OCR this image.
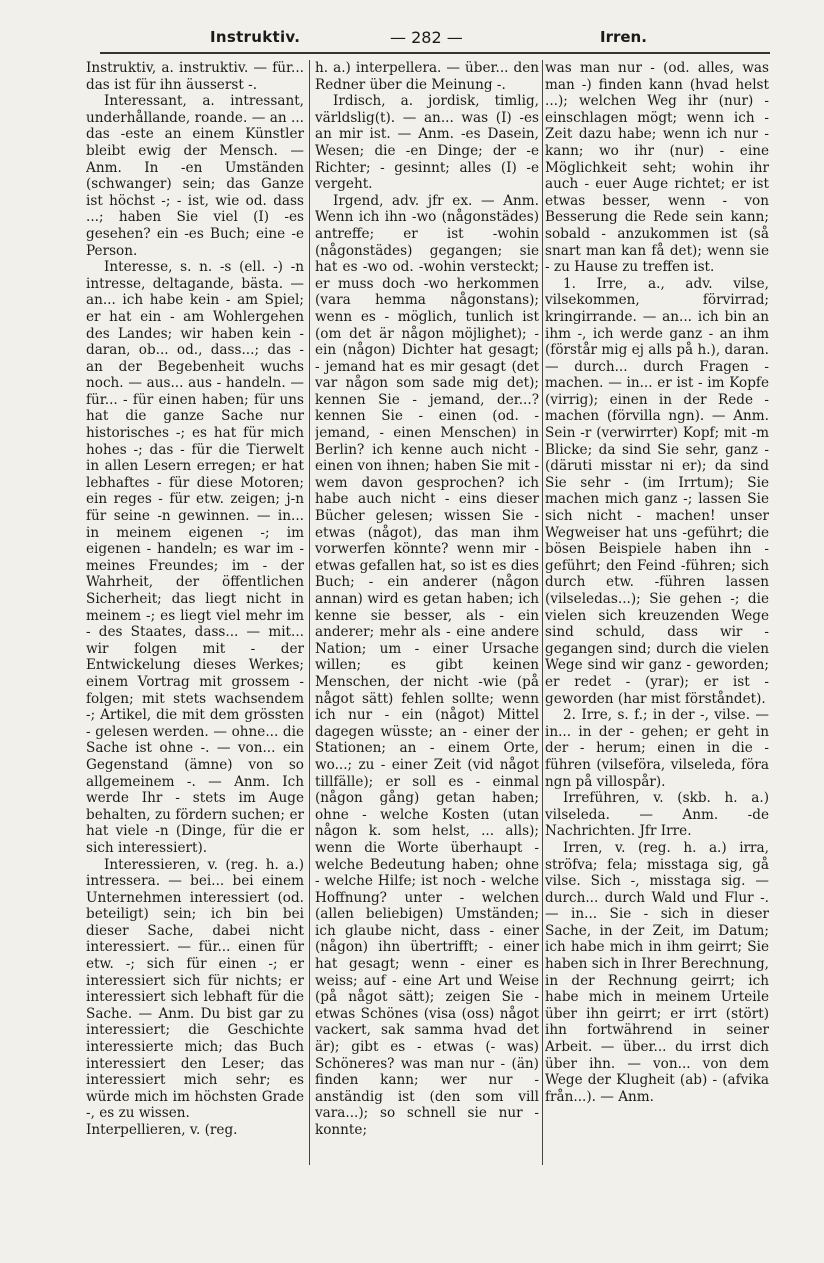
Instruktiv.	— 282 —	Irren.

Instruktiv, a. instruktiv. — für... das ist für ihn äusserst -.

Interessant, a. intressant, underhållande, roande. — an ... das -este an einem Künstler bleibt ewig der Mensch. — Anm. In -en Umständen (schwanger) sein; das Ganze ist höchst -; - ist, wie od. dass ...; haben Sie viel (I) -es gesehen? ein -es Buch; eine -e Person.

Interesse, s. n. -s (ell. -) -n intresse, deltagande, bästa. — an... ich habe kein - am Spiel; er hat ein - am Wohlergehen des Landes; wir haben kein - daran, ob... od., dass...; das - an der Begebenheit wuchs noch. — aus... aus - handeln. — für... - für einen haben; für uns hat die ganze Sache nur historisches -; es hat für mich hohes -; das - für die Tierwelt in allen Lesern erregen; er hat lebhaftes - für diese Motoren; ein reges - für etw. zeigen; j-n für seine -n gewinnen. — in... in meinem eigenen -; im eigenen - handeln; es war im - meines Freundes; im - der Wahrheit, der öffentlichen Sicherheit; das liegt nicht in meinem -; es liegt viel mehr im - des Staates, dass... — mit... wir folgen mit - der Entwickelung dieses Werkes; einem Vortrag mit grossem - folgen; mit stets wachsendem -; Artikel, die mit dem grössten - gelesen werden. — ohne... die Sache ist ohne -. — von... ein Gegenstand (ämne) von so allgemeinem -. — Anm. Ich werde Ihr - stets im Auge behalten, zu fördern suchen; er hat viele -n (Dinge, für die er sich interessiert).

Interessieren, v. (reg. h. a.) intressera. — bei... bei einem Unternehmen interessiert (od. beteiligt) sein; ich bin bei dieser Sache, dabei nicht interessiert. — für... einen für etw. -; sich für einen -; er interessiert sich für nichts; er interessiert sich lebhaft für die Sache. — Anm. Du bist gar zu interessiert; die Geschichte interessierte mich; das Buch interessiert den Leser; das interessiert mich sehr; es würde mich im höchsten Grade -, es zu wissen.

Interpellieren, v. (reg.

h. a.) interpellera. — über... den Redner über die Meinung -.

Irdisch, a. jordisk, timlig, världslig(t). — an... was (I) -es an mir ist. — Anm. -es Dasein, Wesen; die -en Dinge; der -e Richter; - gesinnt; alles (I) -e vergeht.

Irgend, adv. jfr ex. — Anm. Wenn ich ihn -wo (någonstädes) antreffe; er ist -wohin (någonstädes) gegangen; sie hat es -wo od. -wohin versteckt; er muss doch -wo herkommen (vara hemma någonstans); wenn es - möglich, tunlich ist (om det är någon möjlighet); - ein (någon) Dichter hat gesagt; - jemand hat es mir gesagt (det var någon som sade mig det); kennen Sie - jemand, der...? kennen Sie - einen (od. - jemand, - einen Menschen) in Berlin? ich kenne auch nicht - einen von ihnen; haben Sie mit - wem davon gesprochen? ich habe auch nicht - eins dieser Bücher gelesen; wissen Sie - etwas (något), das man ihm vorwerfen könnte? wenn mir - etwas gefallen hat, so ist es dies Buch; - ein anderer (någon annan) wird es getan haben; ich kenne sie besser, als - ein anderer; mehr als - eine andere Nation; um - einer Ursache willen; es gibt keinen Menschen, der nicht -wie (på något sätt) fehlen sollte; wenn ich nur - ein (något) Mittel dagegen wüsste; an - einer der Stationen; an - einem Orte, wo...; zu - einer Zeit (vid något tillfälle); er soll es - einmal (någon gång) getan haben; ohne - welche Kosten (utan någon k. som helst, ... alls); wenn die Worte überhaupt - welche Bedeutung haben; ohne - welche Hilfe; ist noch - welche Hoffnung? unter - welchen (allen beliebigen) Umständen; ich glaube nicht, dass - einer (någon) ihn übertrifft; - einer hat gesagt; wenn - einer es weiss; auf - eine Art und Weise (på något sätt); zeigen Sie - etwas Schönes (visa (oss) något vackert, sak samma hvad det är); gibt es - etwas (- was) Schöneres? was man nur - (än) finden kann; wer nur - anständig ist (den som vill vara...); so schnell sie nur - konnte;

was man nur - (od. alles, was man -) finden kann (hvad helst ...); welchen Weg ihr (nur) - einschlagen mögt; wenn ich - Zeit dazu habe; wenn ich nur - kann; wo ihr (nur) - eine Möglichkeit seht; wohin ihr auch - euer Auge richtet; er ist etwas besser, wenn - von Besserung die Rede sein kann; sobald - anzukommen ist (så snart man kan få det); wenn sie - zu Hause zu treffen ist.

1. Irre, a., adv. vilse, vilsekommen, förvirrad; kringirrande. — an... ich bin an ihm -, ich werde ganz - an ihm (förstår mig ej alls på h.), daran. — durch... durch Fragen - machen. — in... er ist - im Kopfe (virrig); einen in der Rede - machen (förvilla ngn). — Anm. Sein -r (verwirrter) Kopf; mit -m Blicke; da sind Sie sehr, ganz - (däruti misstar ni er); da sind Sie sehr - (im Irrtum); Sie machen mich ganz -; lassen Sie sich nicht - machen! unser Wegweiser hat uns -geführt; die bösen Beispiele haben ihn -geführt; den Feind -führen; sich durch etw. -führen lassen (vilseledas...); Sie gehen -; die vielen sich kreuzenden Wege sind schuld, dass wir - gegangen sind; durch die vielen Wege sind wir ganz - geworden; er redet - (yrar); er ist - geworden (har mist förståndet).

2. Irre, s. f.; in der -, vilse. — in... in der - gehen; er geht in der - herum; einen in die - führen (vilseföra, vilseleda, föra ngn på villospår).

Irreführen, v. (skb. h. a.) vilseleda. — Anm. -de Nachrichten. Jfr Irre.

Irren, v. (reg. h. a.) irra, ströfva; fela; misstaga sig, gå vilse. Sich -, misstaga sig. — durch... durch Wald und Flur -. — in... Sie - sich in dieser Sache, in der Zeit, im Datum; ich habe mich in ihm geirrt; Sie haben sich in Ihrer Berechnung, in der Rechnung geirrt; ich habe mich in meinem Urteile über ihn geirrt; er irrt (stört) ihn fortwährend in seiner Arbeit. — über... du irrst dich über ihn. — von... von dem Wege der Klugheit (ab) - (afvika från...). — Anm.
